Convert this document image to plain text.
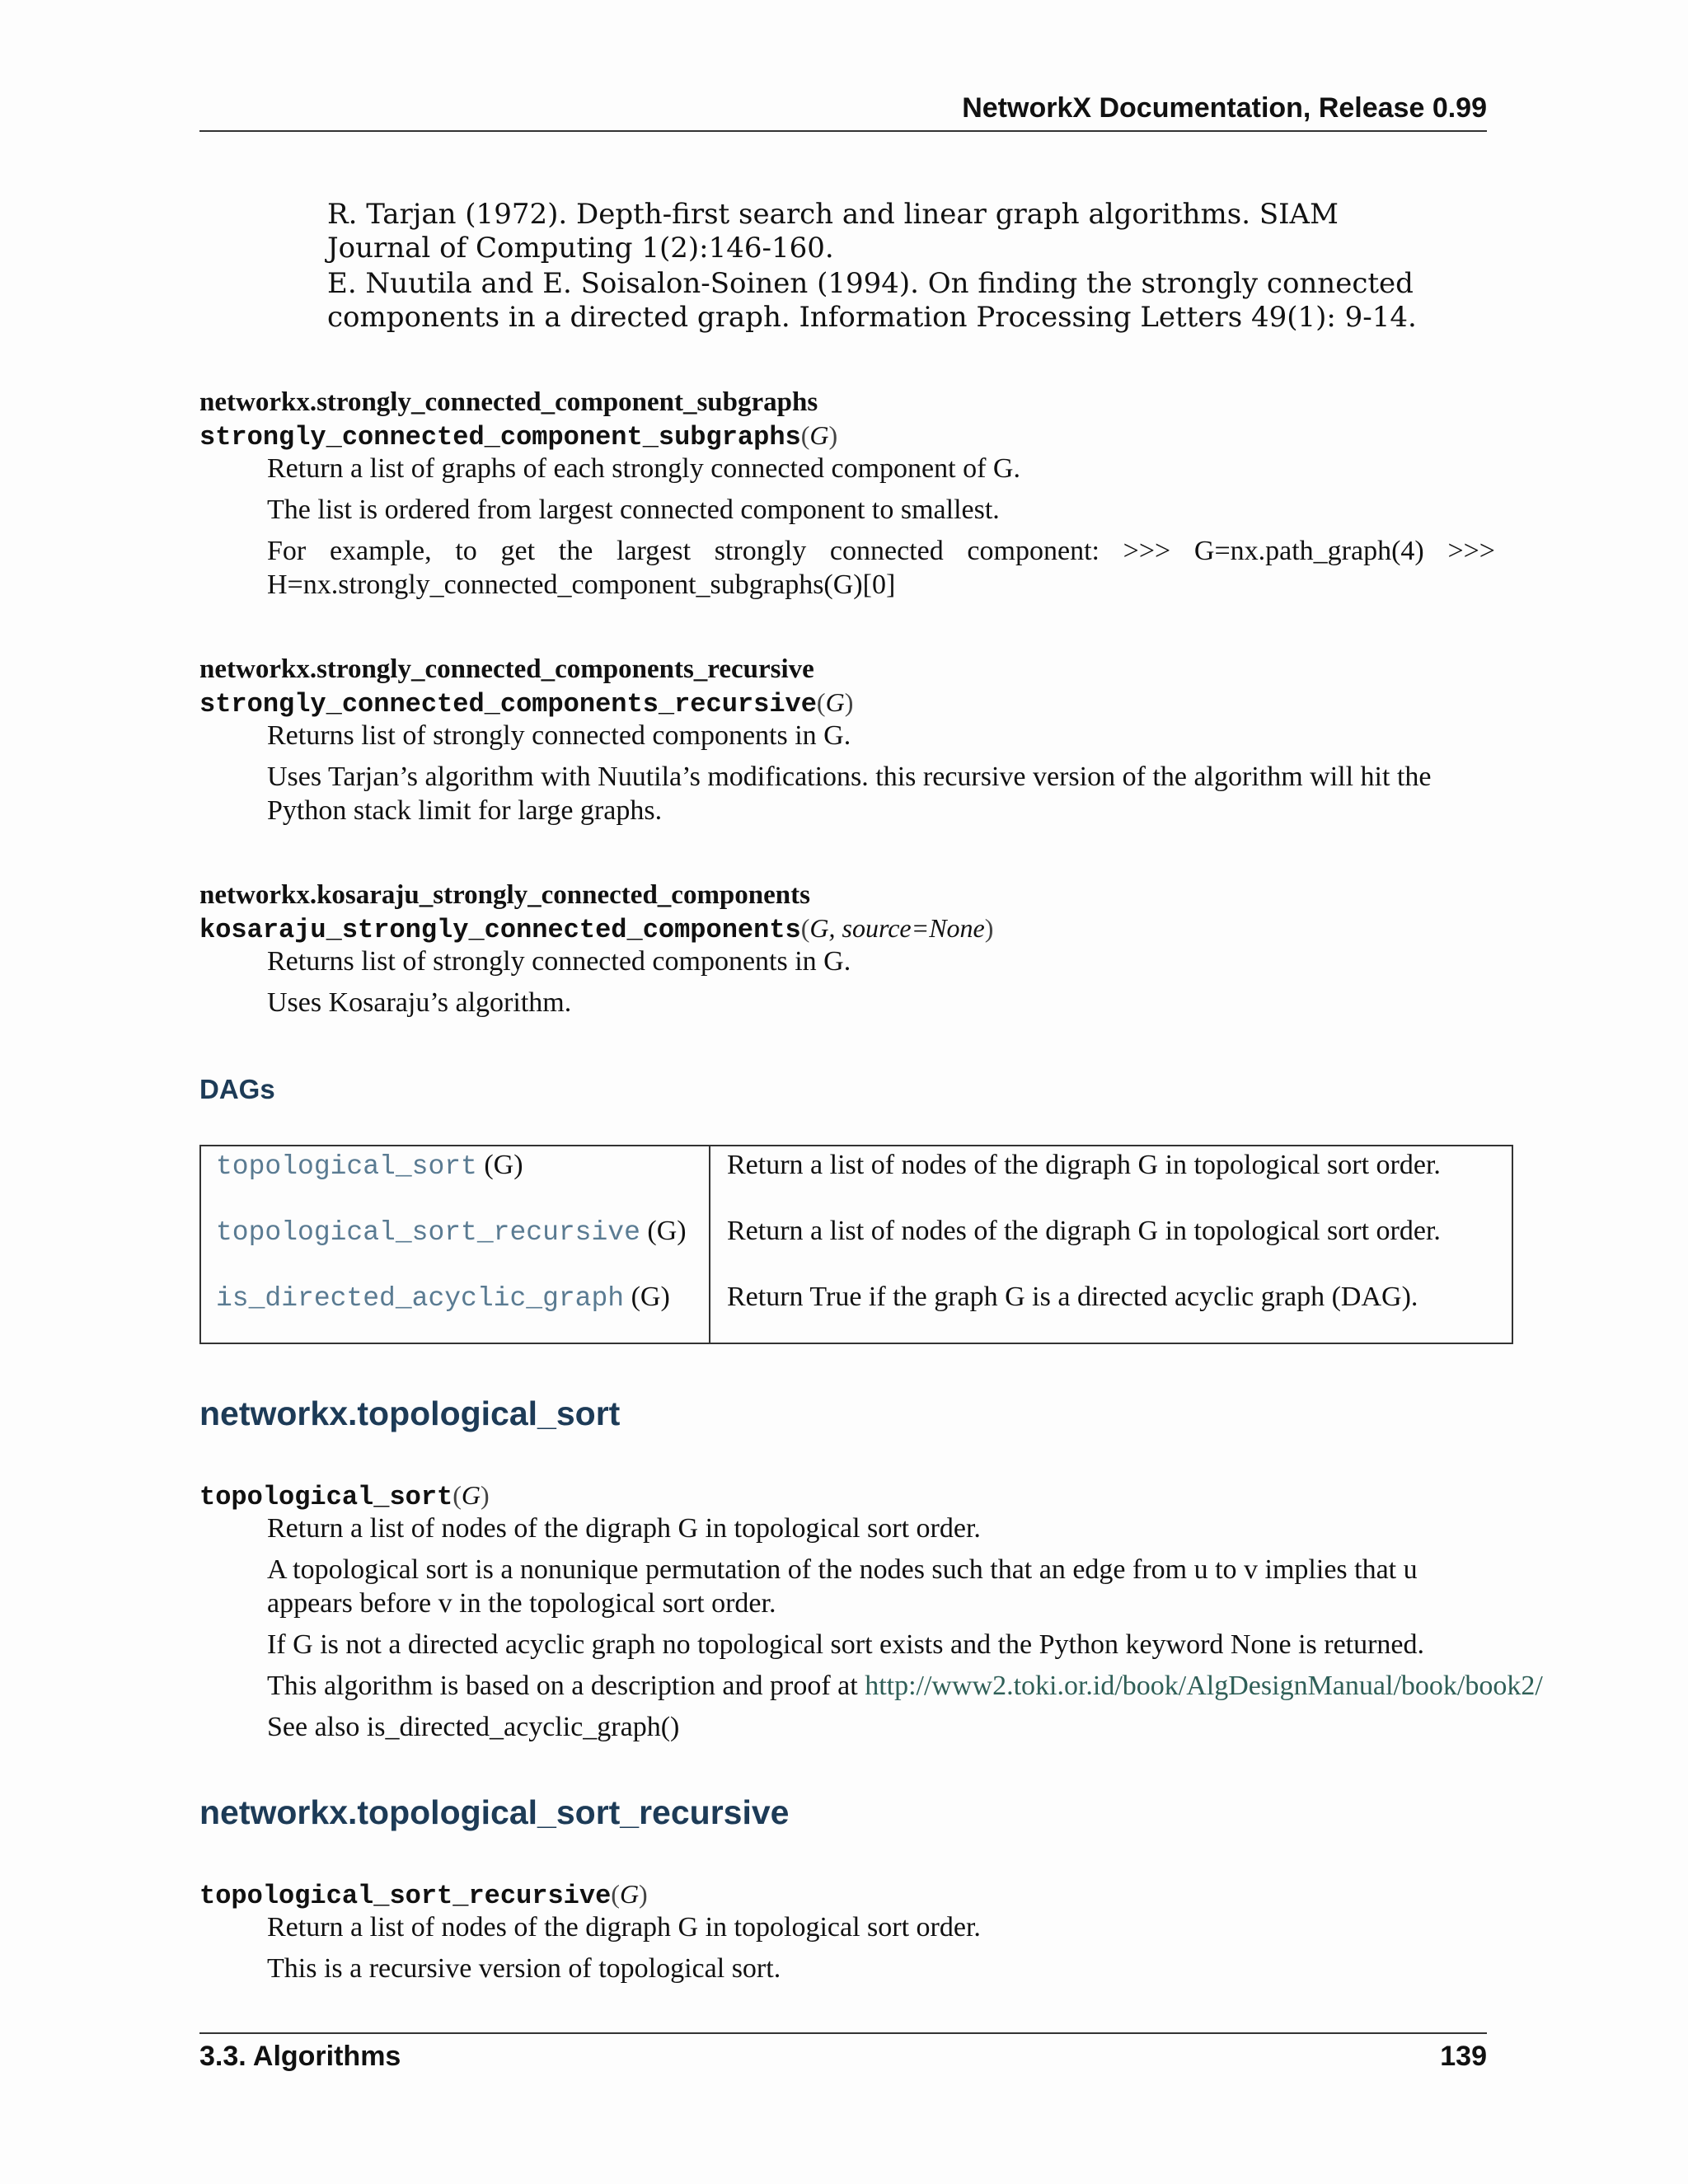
NetworkX Documentation, Release 0.99

R. Tarjan (1972). Depth-first search and linear graph algorithms. SIAM Journal of Computing 1(2):146-160.

E. Nuutila and E. Soisalon-Soinen (1994). On finding the strongly connected components in a directed graph. Information Processing Letters 49(1): 9-14.

networkx.strongly_connected_component_subgraphs
strongly_connected_component_subgraphs(G)

Return a list of graphs of each strongly connected component of G.

The list is ordered from largest connected component to smallest.

For example, to get the largest strongly connected component: >>> G=nx.path_graph(4) >>> H=nx.strongly_connected_component_subgraphs(G)[0]

networkx.strongly_connected_components_recursive
strongly_connected_components_recursive(G)

Returns list of strongly connected components in G.

Uses Tarjan’s algorithm with Nuutila’s modifications. this recursive version of the algorithm will hit the Python stack limit for large graphs.

networkx.kosaraju_strongly_connected_components
kosaraju_strongly_connected_components(G, source=None)

Returns list of strongly connected components in G.

Uses Kosaraju’s algorithm.

DAGs
topological_sort (G)	Return a list of nodes of the digraph G in topological sort order.
topological_sort_recursive (G) Return a list of nodes of the digraph G in topological sort order.
is_directed_acyclic_graph (G) Return True if the graph G is a directed acyclic graph (DAG).
networkx.topological_sort
topological_sort(G)

Return a list of nodes of the digraph G in topological sort order.

A topological sort is a nonunique permutation of the nodes such that an edge from u to v implies that u appears before v in the topological sort order.

If G is not a directed acyclic graph no topological sort exists and the Python keyword None is returned.

This algorithm is based on a description and proof at http://www2.toki.or.id/book/AlgDesignManual/book/book2/

See also is_directed_acyclic_graph()

networkx.topological_sort_recursive
topological_sort_recursive(G)

Return a list of nodes of the digraph G in topological sort order.

This is a recursive version of topological sort.

3.3. Algorithms	139
